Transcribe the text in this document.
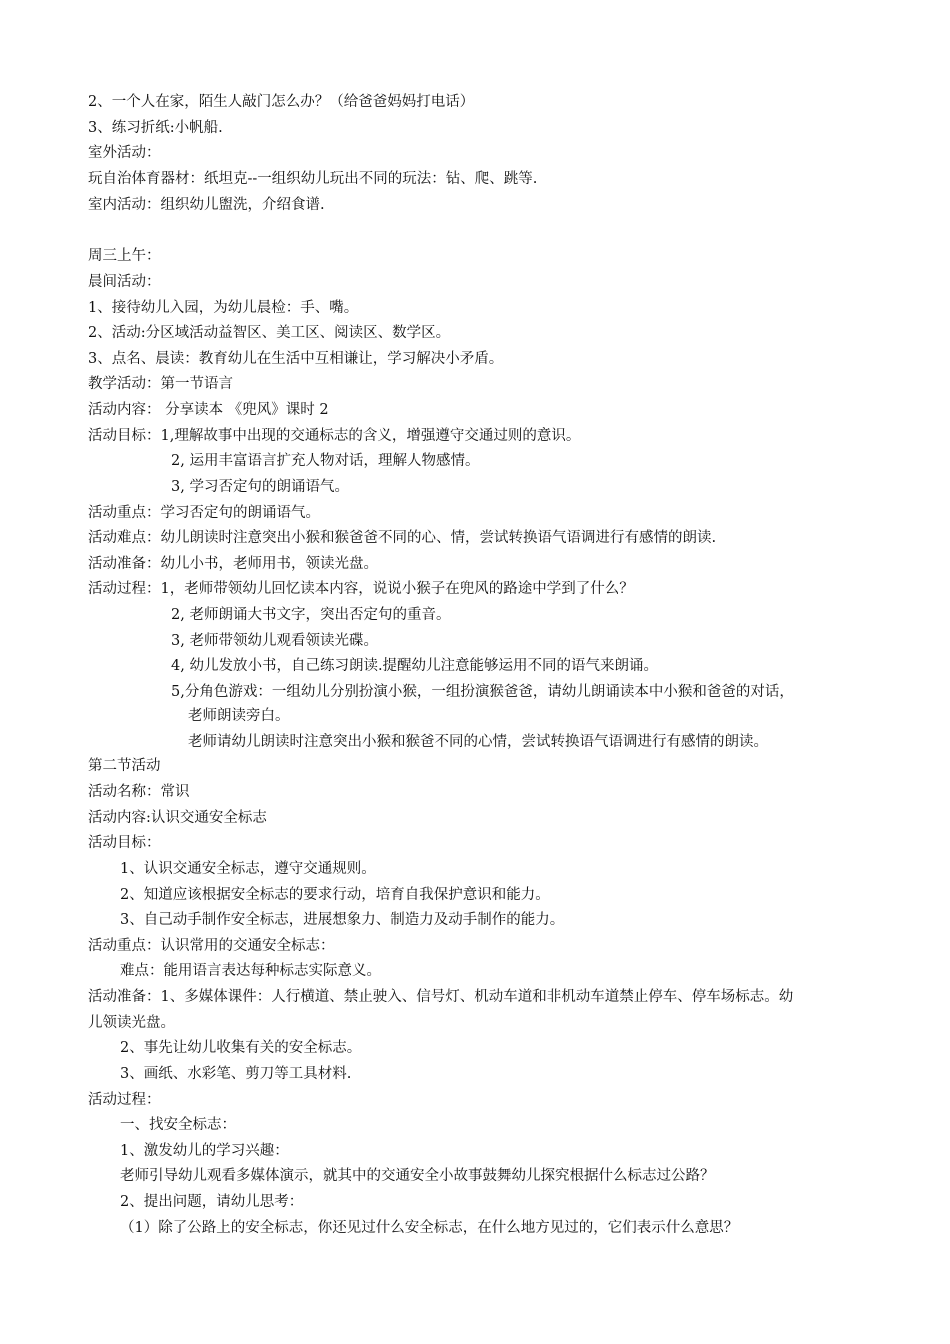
2、一个人在家，陌生人敲门怎么办？（给爸爸妈妈打电话）
3、练习折纸:小帆船.
室外活动：
玩自治体育器材：纸坦克--一组织幼儿玩出不同的玩法：钻、爬、跳等.
室内活动：组织幼儿盥洗，介绍食谱.
周三上午：
晨间活动：
1、接待幼儿入园，为幼儿晨检：手、嘴。
2、活动:分区域活动益智区、美工区、阅读区、数学区。
3、点名、晨读：教育幼儿在生活中互相谦让，学习解决小矛盾。
教学活动：第一节语言
活动内容： 分享读本 《兜风》课时 2
活动目标：1,理解故事中出现的交通标志的含义，增强遵守交通过则的意识。
2, 运用丰富语言扩充人物对话，理解人物感情。
3, 学习否定句的朗诵语气。
活动重点：学习否定句的朗诵语气。
活动难点：幼儿朗读时注意突出小猴和猴爸爸不同的心、情，尝试转换语气语调进行有感情的朗读.
活动准备：幼儿小书，老师用书，领读光盘。
活动过程：1，老师带领幼儿回忆读本内容，说说小猴子在兜风的路途中学到了什么？
2, 老师朗诵大书文字，突出否定句的重音。
3, 老师带领幼儿观看领读光碟。
4, 幼儿发放小书，自己练习朗读.提醒幼儿注意能够运用不同的语气来朗诵。
5,分角色游戏：一组幼儿分别扮演小猴，一组扮演猴爸爸，请幼儿朗诵读本中小猴和爸爸的对话，
老师朗读旁白。
老师请幼儿朗读时注意突出小猴和猴爸不同的心情，尝试转换语气语调进行有感情的朗读。
第二节活动
活动名称：常识
活动内容:认识交通安全标志
活动目标：
1、认识交通安全标志，遵守交通规则。
2、知道应该根据安全标志的要求行动，培育自我保护意识和能力。
3、自己动手制作安全标志，进展想象力、制造力及动手制作的能力。
活动重点：认识常用的交通安全标志：
难点：能用语言表达每种标志实际意义。
活动准备：1、多媒体课件：人行横道、禁止驶入、信号灯、机动车道和非机动车道禁止停车、停车场标志。幼
儿领读光盘。
2、事先让幼儿收集有关的安全标志。
3、画纸、水彩笔、剪刀等工具材料.
活动过程：
一、找安全标志：
1、激发幼儿的学习兴趣：
老师引导幼儿观看多媒体演示，就其中的交通安全小故事鼓舞幼儿探究根据什么标志过公路？
2、提出问题，请幼儿思考：
（1）除了公路上的安全标志，你还见过什么安全标志，在什么地方见过的，它们表示什么意思？
